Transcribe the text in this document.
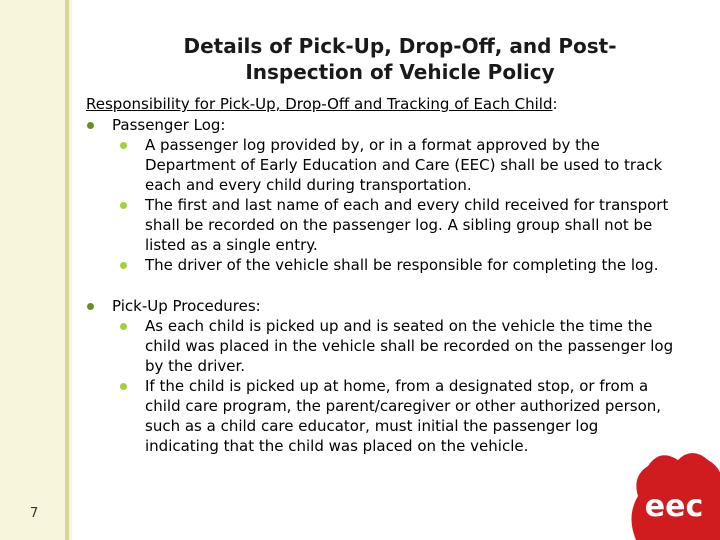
Details of Pick-Up, Drop-Off, and Post-
Inspection of Vehicle Policy

Responsibility for Pick-Up, Drop-Off and Tracking of Each Child:

Passenger Log:
A passenger log provided by, or in a format approved by the Department of Early Education and Care (EEC) shall be used to track each and every child during transportation.
The first and last name of each and every child received for transport shall be recorded on the passenger log. A sibling group shall not be listed as a single entry.
The driver of the vehicle shall be responsible for completing the log.
Pick-Up Procedures:
As each child is picked up and is seated on the vehicle the time the child was placed in the vehicle shall be recorded on the passenger log by the driver.
If the child is picked up at home, from a designated stop, or from a child care program, the parent/caregiver or other authorized person, such as a child care educator, must initial the passenger log indicating that the child was placed on the vehicle.
7	eec
